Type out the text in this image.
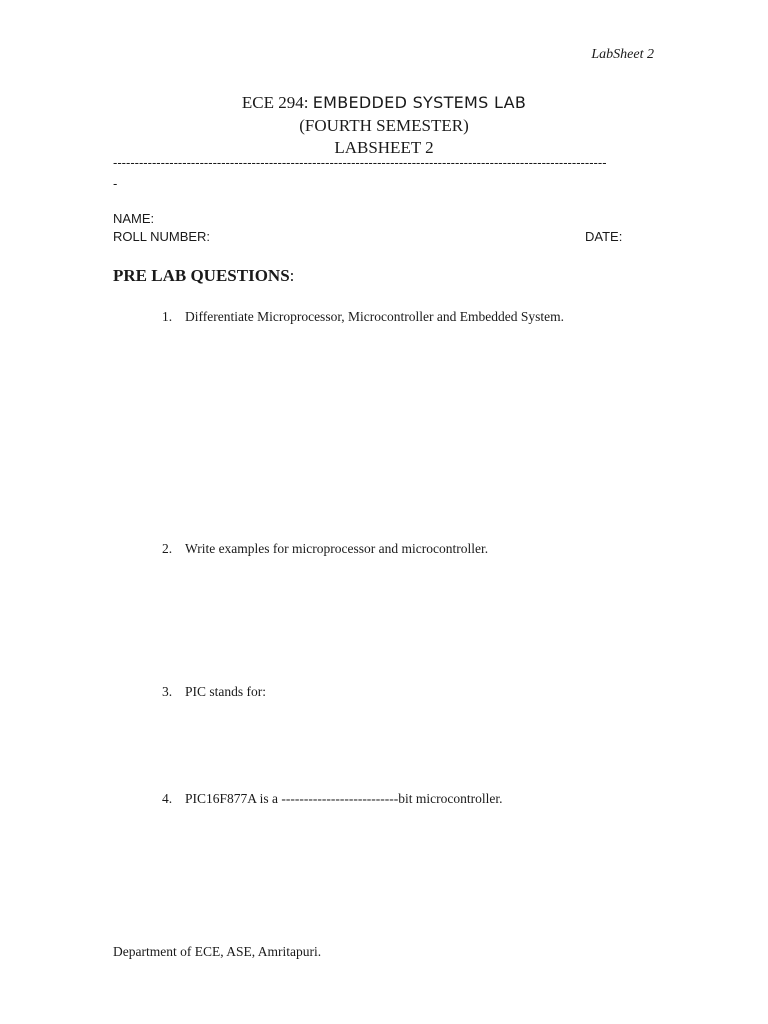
LabSheet 2
ECE 294: EMBEDDED SYSTEMS LAB
(FOURTH SEMESTER)
LABSHEET 2
------------------------------------------------------------------------------------------------------------------
-
NAME:
ROLL NUMBER:	DATE:
PRE LAB QUESTIONS:
1. Differentiate Microprocessor, Microcontroller and Embedded System.
2. Write examples for microprocessor and microcontroller.
3. PIC stands for:
4. PIC16F877A is a --------------------------bit microcontroller.
Department of ECE, ASE, Amritapuri.
